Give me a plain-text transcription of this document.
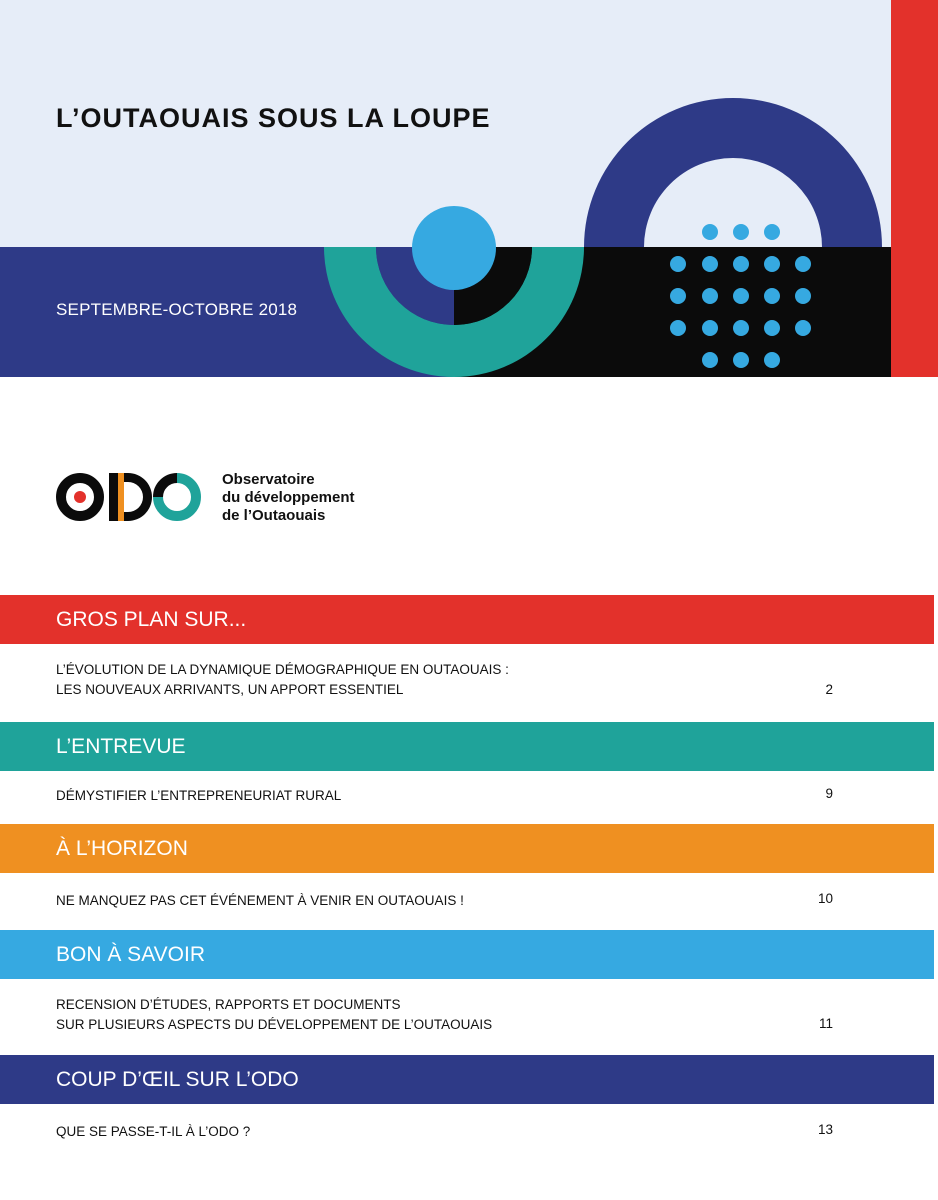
L’OUTAOUAIS SOUS LA LOUPE
SEPTEMBRE-OCTOBRE 2018
Observatoire
du développement
de l’Outaouais
GROS PLAN SUR...
L’ÉVOLUTION DE LA DYNAMIQUE DÉMOGRAPHIQUE EN OUTAOUAIS :
LES NOUVEAUX ARRIVANTS, UN APPORT ESSENTIEL	2
L’ENTREVUE
DÉMYSTIFIER L’ENTREPRENEURIAT RURAL	9
À L’HORIZON
NE MANQUEZ PAS CET ÉVÉNEMENT À VENIR EN OUTAOUAIS !	10
BON À SAVOIR
RECENSION D’ÉTUDES, RAPPORTS ET DOCUMENTS
SUR PLUSIEURS ASPECTS DU DÉVELOPPEMENT DE L’OUTAOUAIS	11
COUP D’ŒIL SUR L’ODO
QUE SE PASSE-T-IL À L’ODO ?	13
